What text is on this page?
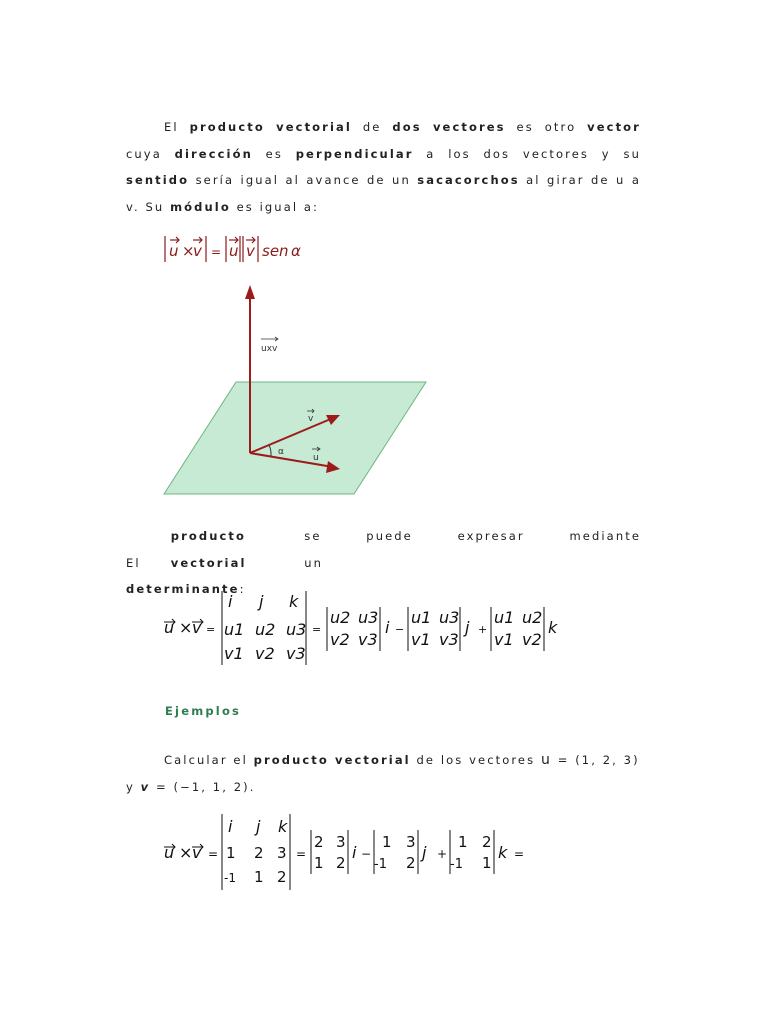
El producto vectorial de dos vectores es otro vector cuya dirección es perpendicular a los dos vectores y su sentido sería igual al avance de un sacacorchos al girar de u a v. Su módulo es igual a:
u ×
v = u v sen α
uxv
v
α
u
El
producto vectorial
se puede expresar mediante un
determinante:
u × v =
i j k
u1 u2 u3
v1 v2 v3
=
u2 u3
v2 v3
i −
u1 u3
v1 v3
j +
u1 u2
v1 v2
k
Ejemplos
Calcular el producto vectorial de los vectores u = (1, 2, 3) y v = (−1, 1, 2).
u × v =
i j k
1 2 3
-1 1 2
=
2 3
1 2 −
1 3
-1 2 +
1 2
-1 1 =
i	j	k
